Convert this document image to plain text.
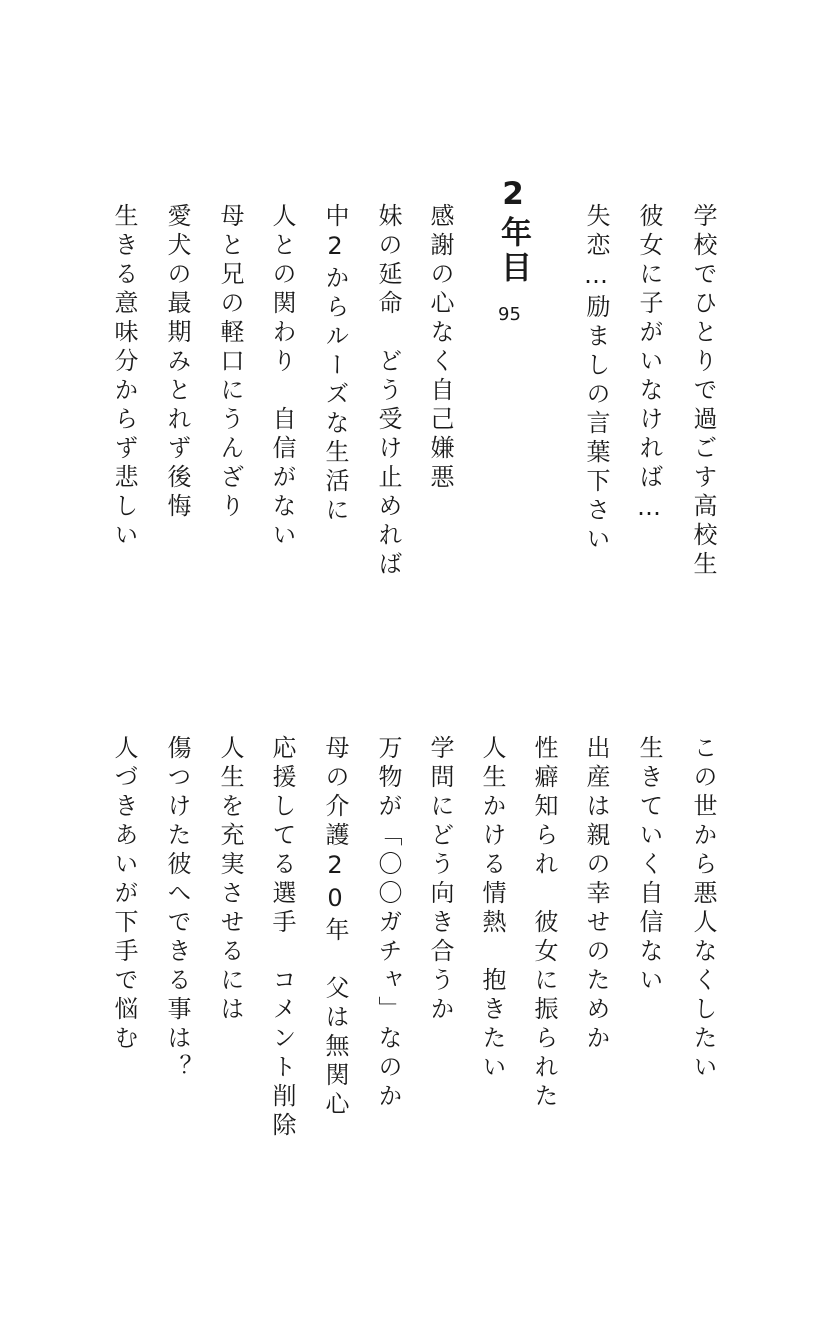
学校でひとりで過ごす高校生
彼女に子がいなければ…
失恋…励ましの言葉下さい
2年目
95
感謝の心なく自己嫌悪
妹の延命　どう受け止めれば
中2からルーズな生活に
人との関わり　自信がない
母と兄の軽口にうんざり
愛犬の最期みとれず後悔
生きる意味分からず悲しい
この世から悪人なくしたい
生きていく自信ない
出産は親の幸せのためか
性癖知られ　彼女に振られた
人生かける情熱　抱きたい
学問にどう向き合うか
万物が「〇〇ガチャ」なのか
母の介護20年　父は無関心
応援してる選手　コメント削除
人生を充実させるには
傷つけた彼へできる事は？
人づきあいが下手で悩む
